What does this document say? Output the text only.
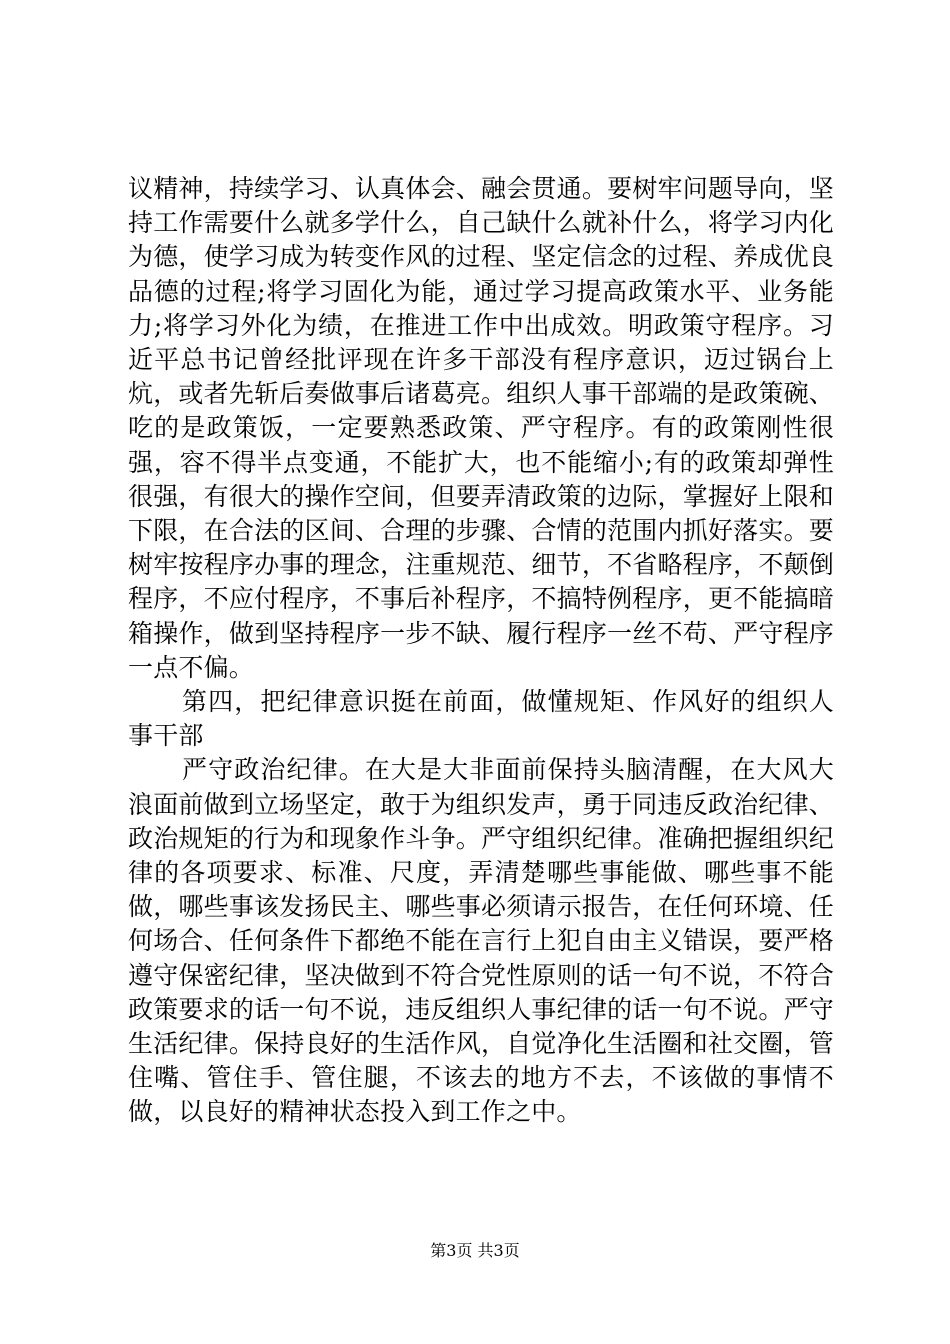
议精神，持续学习、认真体会、融会贯通。要树牢问题导向，坚持工作需要什么就多学什么，自己缺什么就补什么，将学习内化为德，使学习成为转变作风的过程、坚定信念的过程、养成优良品德的过程;将学习固化为能，通过学习提高政策水平、业务能力;将学习外化为绩，在推进工作中出成效。明政策守程序。习近平总书记曾经批评现在许多干部没有程序意识，迈过锅台上炕，或者先斩后奏做事后诸葛亮。组织人事干部端的是政策碗、吃的是政策饭，一定要熟悉政策、严守程序。有的政策刚性很强，容不得半点变通，不能扩大，也不能缩小;有的政策却弹性很强，有很大的操作空间，但要弄清政策的边际，掌握好上限和下限，在合法的区间、合理的步骤、合情的范围内抓好落实。要树牢按程序办事的理念，注重规范、细节，不省略程序，不颠倒程序，不应付程序，不事后补程序，不搞特例程序，更不能搞暗箱操作，做到坚持程序一步不缺、履行程序一丝不苟、严守程序一点不偏。

第四，把纪律意识挺在前面，做懂规矩、作风好的组织人事干部

严守政治纪律。在大是大非面前保持头脑清醒，在大风大浪面前做到立场坚定，敢于为组织发声，勇于同违反政治纪律、政治规矩的行为和现象作斗争。严守组织纪律。准确把握组织纪律的各项要求、标准、尺度，弄清楚哪些事能做、哪些事不能做，哪些事该发扬民主、哪些事必须请示报告，在任何环境、任何场合、任何条件下都绝不能在言行上犯自由主义错误，要严格遵守保密纪律，坚决做到不符合党性原则的话一句不说，不符合政策要求的话一句不说，违反组织人事纪律的话一句不说。严守生活纪律。保持良好的生活作风，自觉净化生活圈和社交圈，管住嘴、管住手、管住腿，不该去的地方不去，不该做的事情不做，以良好的精神状态投入到工作之中。

第3页 共3页
